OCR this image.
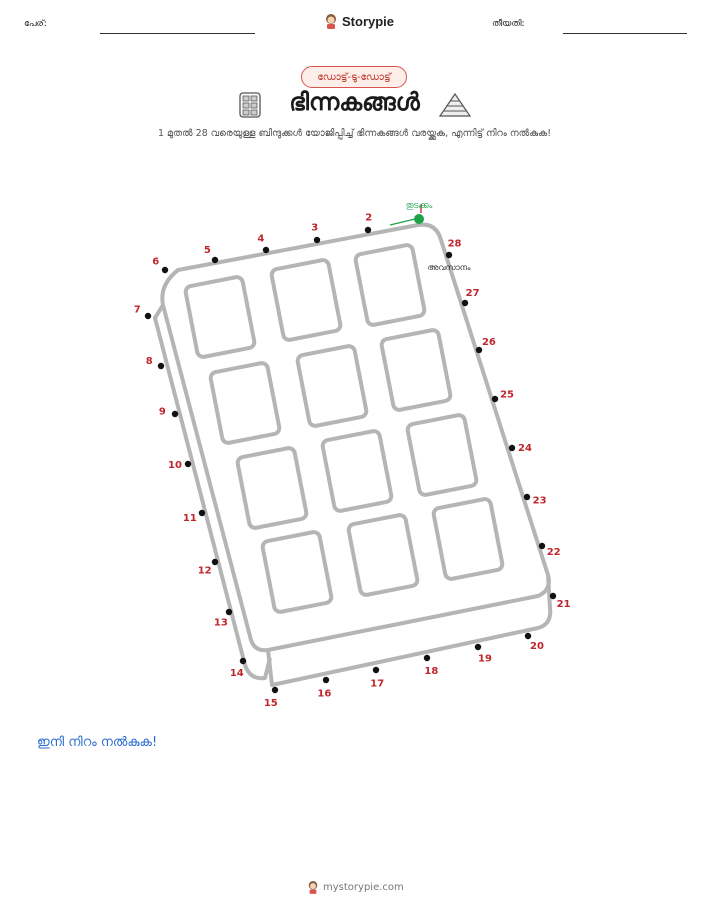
പേര്:	Storypie	തീയതി:
ഡോട്ട്-ടു-ഡോട്ട്
ഭിന്നകങ്ങൾ
1 മുതൽ 28 വരെയുള്ള ബിന്ദുക്കൾ യോജിപ്പിച്ച് ഭിന്നകങ്ങൾ വരയ്ക്കുക, എന്നിട്ട് നിറം നൽകുക!
തുടക്കം
അവസാനം
2
3
4
5
6
7
8
9
10
11
12
13
14
15
16
17
18
19
20
21
22
23
24
25
26
27
28
ഇനി നിറം നൽകുക!
mystorypie.com
